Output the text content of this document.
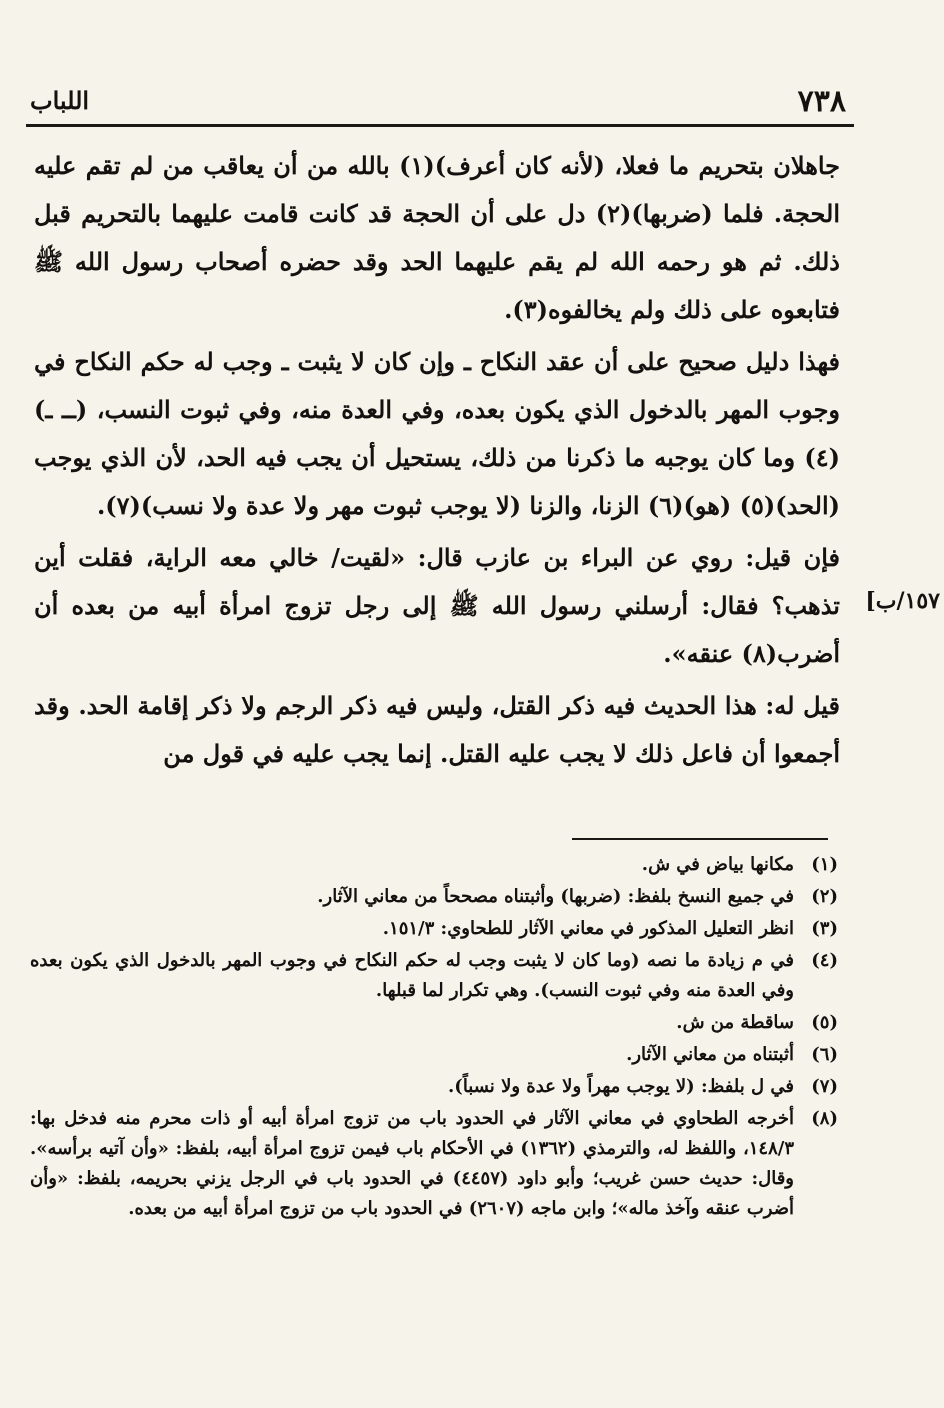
٧٣٨
اللباب
١٥٧/ب]

جاهلان بتحريم ما فعلا، (لأنه كان أعرف)(١) بالله من أن يعاقب من لم تقم عليه الحجة. فلما (ضربها)(٢) دل على أن الحجة قد كانت قامت عليهما بالتحريم قبل ذلك. ثم هو رحمه الله لم يقم عليهما الحد وقد حضره أصحاب رسول الله ﷺ فتابعوه على ذلك ولم يخالفوه(٣).

فهذا دليل صحيح على أن عقد النكاح ـ وإن كان لا يثبت ـ وجب له حكم النكاح في وجوب المهر بالدخول الذي يكون بعده، وفي العدة منه، وفي ثبوت النسب، (ــ ـ)(٤) وما كان يوجبه ما ذكرنا من ذلك، يستحيل أن يجب فيه الحد، لأن الذي يوجب (الحد)(٥) (هو)(٦) الزنا، والزنا (لا يوجب ثبوت مهر ولا عدة ولا نسب)(٧).

فإن قيل: روي عن البراء بن عازب قال: «لقيت/ خالي معه الراية، فقلت أين تذهب؟ فقال: أرسلني رسول الله ﷺ إلى رجل تزوج امرأة أبيه من بعده أن أضرب(٨) عنقه».

قيل له: هذا الحديث فيه ذكر القتل، وليس فيه ذكر الرجم ولا ذكر إقامة الحد. وقد أجمعوا أن فاعل ذلك لا يجب عليه القتل. إنما يجب عليه في قول من

(١)
مكانها بياض في ش.
(٢)
في جميع النسخ بلفظ: (ضربها) وأثبتناه مصححاً من معاني الآثار.
(٣)
انظر التعليل المذكور في معاني الآثار للطحاوي: ١٥١/٣.
(٤)
في م زيادة ما نصه (وما كان لا يثبت وجب له حكم النكاح في وجوب المهر بالدخول الذي يكون بعده وفي العدة منه وفي ثبوت النسب). وهي تكرار لما قبلها.
(٥)
ساقطة من ش.
(٦)
أثبتناه من معاني الآثار.
(٧)
في ل بلفظ: (لا يوجب مهراً ولا عدة ولا نسباً).
(٨)
أخرجه الطحاوي في معاني الآثار في الحدود باب من تزوج امرأة أبيه أو ذات محرم منه فدخل بها: ١٤٨/٣، واللفظ له، والترمذي (١٣٦٢) في الأحكام باب فيمن تزوج امرأة أبيه، بلفظ: «وأن آتيه برأسه». وقال: حديث حسن غريب؛ وأبو داود (٤٤٥٧) في الحدود باب في الرجل يزني بحريمه، بلفظ: «وأن أضرب عنقه وآخذ ماله»؛ وابن ماجه (٢٦٠٧) في الحدود باب من تزوج امرأة أبيه من بعده.
